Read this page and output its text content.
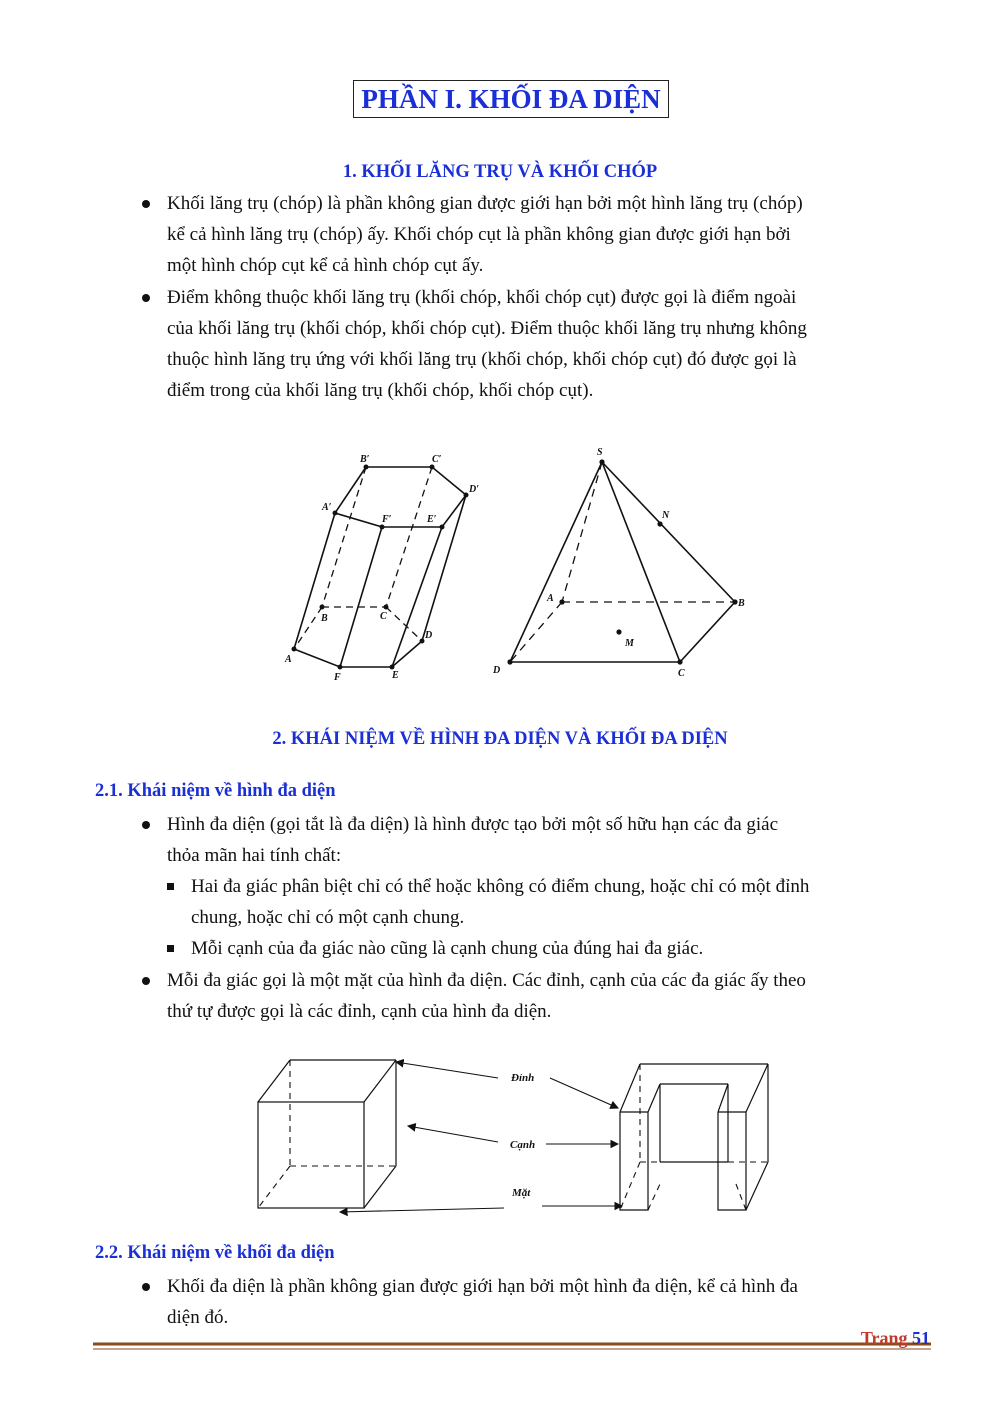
PHẦN I. KHỐI ĐA DIỆN
1. KHỐI LĂNG TRỤ VÀ KHỐI CHÓP
Khối lăng trụ (chóp) là phần không gian được giới hạn bởi một hình lăng trụ (chóp)
kể cả hình lăng trụ (chóp) ấy. Khối chóp cụt là phần không gian được giới hạn bởi
một hình chóp cụt kể cả hình chóp cụt ấy.
Điểm không thuộc khối lăng trụ (khối chóp, khối chóp cụt) được gọi là điểm ngoài
của khối lăng trụ (khối chóp, khối chóp cụt). Điểm thuộc khối lăng trụ nhưng không
thuộc hình lăng trụ ứng với khối lăng trụ (khối chóp, khối chóp cụt) đó được gọi là
điểm trong của khối lăng trụ (khối chóp, khối chóp cụt).
B′	C′
D′
A′
F′	E′
B	C
D
A
F	E
S
N
A	B
M
D	C
2. KHÁI NIỆM VỀ HÌNH ĐA DIỆN VÀ KHỐI ĐA DIỆN
2.1. Khái niệm về hình đa diện
Hình đa diện (gọi tắt là đa diện) là hình được tạo bởi một số hữu hạn các đa giác
thỏa mãn hai tính chất:
Hai đa giác phân biệt chỉ có thể hoặc không có điểm chung, hoặc chỉ có một đỉnh
chung, hoặc chỉ có một cạnh chung.
Mỗi cạnh của đa giác nào cũng là cạnh chung của đúng hai đa giác.
Mỗi đa giác gọi là một mặt của hình đa diện. Các đỉnh, cạnh của các đa giác ấy theo
thứ tự được gọi là các đỉnh, cạnh của hình đa diện.
Đỉnh
Cạnh
Mặt
2.2. Khái niệm về khối đa diện
Khối đa diện là phần không gian được giới hạn bởi một hình đa diện, kể cả hình đa
diện đó.
Trang 51
